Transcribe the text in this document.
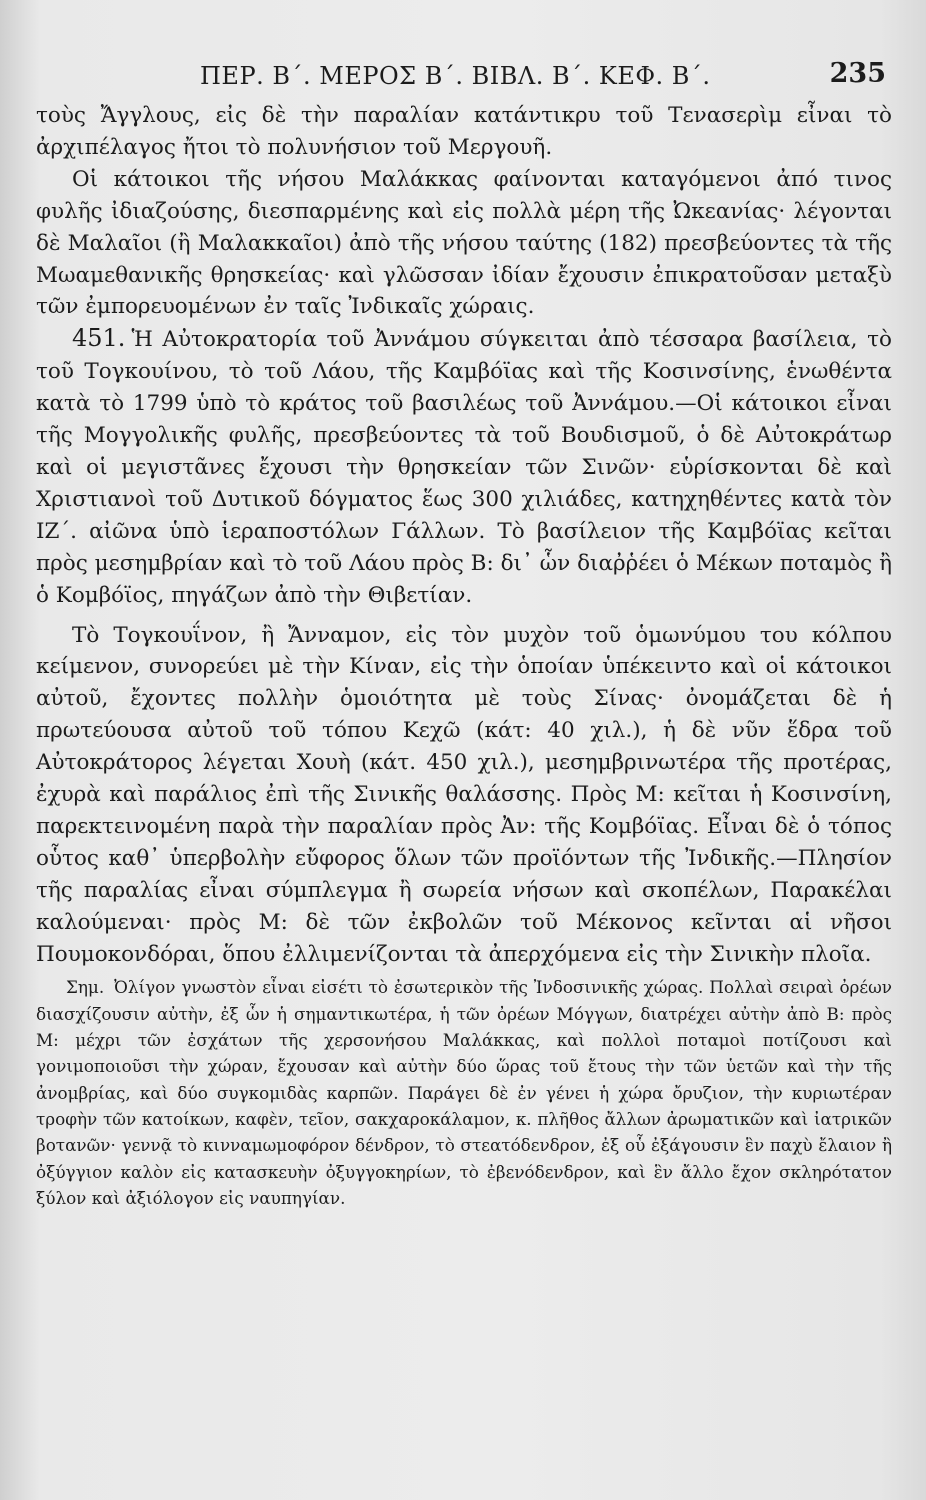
ΠΕΡ. Β΄. ΜΕΡΟΣ Β΄. ΒΙΒΛ. Β΄. ΚΕΦ. Β΄.	235

τοὺς Ἄγγλους, εἰς δὲ τὴν παραλίαν κατάντικρυ τοῦ Τενασερὶμ εἶναι τὸ ἀρχιπέλαγος ἤτοι τὸ πολυνήσιον τοῦ Μεργουῆ.

Οἱ κάτοικοι τῆς νήσου Μαλάκκας φαίνονται καταγόμενοι ἀπό τινος φυλῆς ἰδιαζούσης, διεσπαρμένης καὶ εἰς πολλὰ μέρη τῆς Ὠκεανίας· λέγονται δὲ Μαλαῖοι (ἢ Μαλακκαῖοι) ἀπὸ τῆς νήσου ταύτης (182) πρεσβεύοντες τὰ τῆς Μωαμεθανικῆς θρησκείας· καὶ γλῶσσαν ἰδίαν ἔχουσιν ἐπικρατοῦσαν μεταξὺ τῶν ἐμπορευομένων ἐν ταῖς Ἰνδικαῖς χώραις.

451. Ἡ Αὐτοκρατορία τοῦ Ἀννάμου σύγκειται ἀπὸ τέσσαρα βασίλεια, τὸ τοῦ Τογκουίνου, τὸ τοῦ Λάου, τῆς Καμβόϊας καὶ τῆς Κοσινσίνης, ἑνωθέντα κατὰ τὸ 1799 ὑπὸ τὸ κράτος τοῦ βασιλέως τοῦ Ἀννάμου.—Οἱ κάτοικοι εἶναι τῆς Μογγολικῆς φυλῆς, πρεσβεύοντες τὰ τοῦ Βουδισμοῦ, ὁ δὲ Αὐτοκράτωρ καὶ οἱ μεγιστᾶνες ἔχουσι τὴν θρησκείαν τῶν Σινῶν· εὑρίσκονται δὲ καὶ Χριστιανοὶ τοῦ Δυτικοῦ δόγματος ἕως 300 χιλιάδες, κατηχηθέντες κατὰ τὸν ΙΖ΄. αἰῶνα ὑπὸ ἱεραποστόλων Γάλλων. Τὸ βασίλειον τῆς Καμβόϊας κεῖται πρὸς μεσημβρίαν καὶ τὸ τοῦ Λάου πρὸς Β: δι᾽ ὧν διαῤῥέει ὁ Μέκων ποταμὸς ἢ ὁ Κομβόϊος, πηγάζων ἀπὸ τὴν Θιβετίαν.

Τὸ Τογκουΐνον, ἢ Ἄνναμον, εἰς τὸν μυχὸν τοῦ ὁμωνύμου του κόλπου κείμενον, συνορεύει μὲ τὴν Κίναν, εἰς τὴν ὁποίαν ὑπέκειντο καὶ οἱ κάτοικοι αὐτοῦ, ἔχοντες πολλὴν ὁμοιότητα μὲ τοὺς Σίνας· ὀνομάζεται δὲ ἡ πρωτεύουσα αὐτοῦ τοῦ τόπου Κεχῶ (κάτ: 40 χιλ.), ἡ δὲ νῦν ἕδρα τοῦ Αὐτοκράτορος λέγεται Χουὴ (κάτ. 450 χιλ.), μεσημβρινωτέρα τῆς προτέρας, ἐχυρὰ καὶ παράλιος ἐπὶ τῆς Σινικῆς θαλάσσης. Πρὸς Μ: κεῖται ἡ Κοσινσίνη, παρεκτεινομένη παρὰ τὴν παραλίαν πρὸς Ἀν: τῆς Κομβόϊας. Εἶναι δὲ ὁ τόπος οὗτος καθ᾽ ὑπερβολὴν εὔφορος ὅλων τῶν προϊόντων τῆς Ἰνδικῆς.—Πλησίον τῆς παραλίας εἶναι σύμπλεγμα ἢ σωρεία νήσων καὶ σκοπέλων, Παρακέλαι καλούμεναι· πρὸς Μ: δὲ τῶν ἐκβολῶν τοῦ Μέκονος κεῖνται αἱ νῆσοι Πουμοκονδόραι, ὅπου ἐλλιμενίζονται τὰ ἀπερχόμενα εἰς τὴν Σινικὴν πλοῖα.

Σημ. Ὀλίγον γνωστὸν εἶναι εἰσέτι τὸ ἐσωτερικὸν τῆς Ἰνδοσινικῆς χώρας. Πολλαὶ σειραὶ ὀρέων διασχίζουσιν αὐτὴν, ἐξ ὧν ἡ σημαντικωτέρα, ἡ τῶν ὀρέων Μόγγων, διατρέχει αὐτὴν ἀπὸ Β: πρὸς Μ: μέχρι τῶν ἐσχάτων τῆς χερσονήσου Μαλάκκας, καὶ πολλοὶ ποταμοὶ ποτίζουσι καὶ γονιμοποιοῦσι τὴν χώραν, ἔχουσαν καὶ αὐτὴν δύο ὥρας τοῦ ἔτους τὴν τῶν ὑετῶν καὶ τὴν τῆς ἀνομβρίας, καὶ δύο συγκομιδὰς καρπῶν. Παράγει δὲ ἐν γένει ἡ χώρα ὄρυζιον, τὴν κυριωτέραν τροφὴν τῶν κατοίκων, καφὲν, τεῖον, σακχαροκάλαμον, κ. πλῆθος ἄλλων ἀρωματικῶν καὶ ἰατρικῶν βοτανῶν· γεννᾷ τὸ κινναμωμοφόρον δένδρον, τὸ στεατόδενδρον, ἐξ οὗ ἐξάγουσιν ἓν παχὺ ἔλαιον ἢ ὀξύγγιον καλὸν εἰς κατασκευὴν ὀξυγγοκηρίων, τὸ ἐβενόδενδρον, καὶ ἓν ἄλλο ἔχον σκληρότατον ξύλον καὶ ἀξιόλογον εἰς ναυπηγίαν.
